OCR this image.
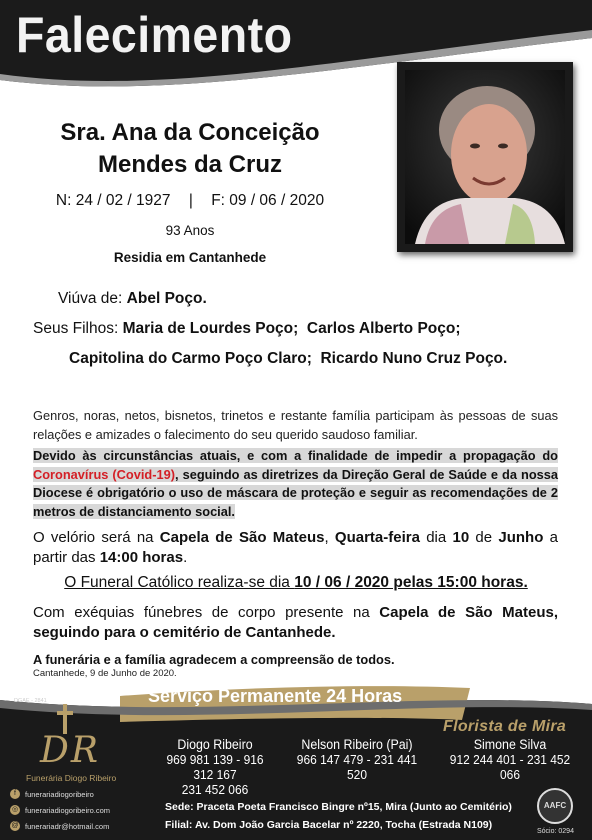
Falecimento
Sra. Ana da Conceição
Mendes da Cruz
N: 24 / 02 / 1927 | F: 09 / 06 / 2020
93 Anos
Residia em Cantanhede
Viúva de: Abel Poço.
Seus Filhos: Maria de Lourdes Poço;  Carlos Alberto Poço;
Capitolina do Carmo Poço Claro;  Ricardo Nuno Cruz Poço.
Genros, noras, netos, bisnetos, trinetos e restante família participam às pessoas de suas relações e amizades o falecimento do seu querido saudoso familiar.
Devido às circunstâncias atuais, e com a finalidade de impedir a propagação do Coronavírus (Covid-19), seguindo as diretrizes da Direção Geral de Saúde e da nossa Diocese é obrigatório o uso de máscara de proteção e seguir as recomendações de 2 metros de distanciamento social.
O velório será na Capela de São Mateus, Quarta-feira dia 10 de Junho a partir das 14:00 horas.
O Funeral Católico realiza-se dia 10 / 06 / 2020 pelas 15:00 horas.
Com exéquias fúnebres de corpo presente na Capela de São Mateus, seguindo para o cemitério de Cantanhede.
A funerária e a família agradecem a compreensão de todos.
Cantanhede, 9 de Junho de 2020.
DGAE - 2841	Serviço Permanente 24 Horas
DR
Funerária Diogo Ribeiro
Florista de Mira
Diogo Ribeiro
969 981 139 - 916 312 167
231 452 066
Nelson Ribeiro (Pai)
966 147 479 - 231 441 520
Simone Silva
912 244 401 - 231 452 066
f	funerariadiogoribeiro
◎ funerariadiogoribeiro.com
@ funerariadr@hotmail.com
Sede: Praceta Poeta Francisco Bingre nº15, Mira (Junto ao Cemitério)
Filial: Av. Dom João Garcia Bacelar nº 2220, Tocha (Estrada N109)
AAFC
Sócio: 0294
